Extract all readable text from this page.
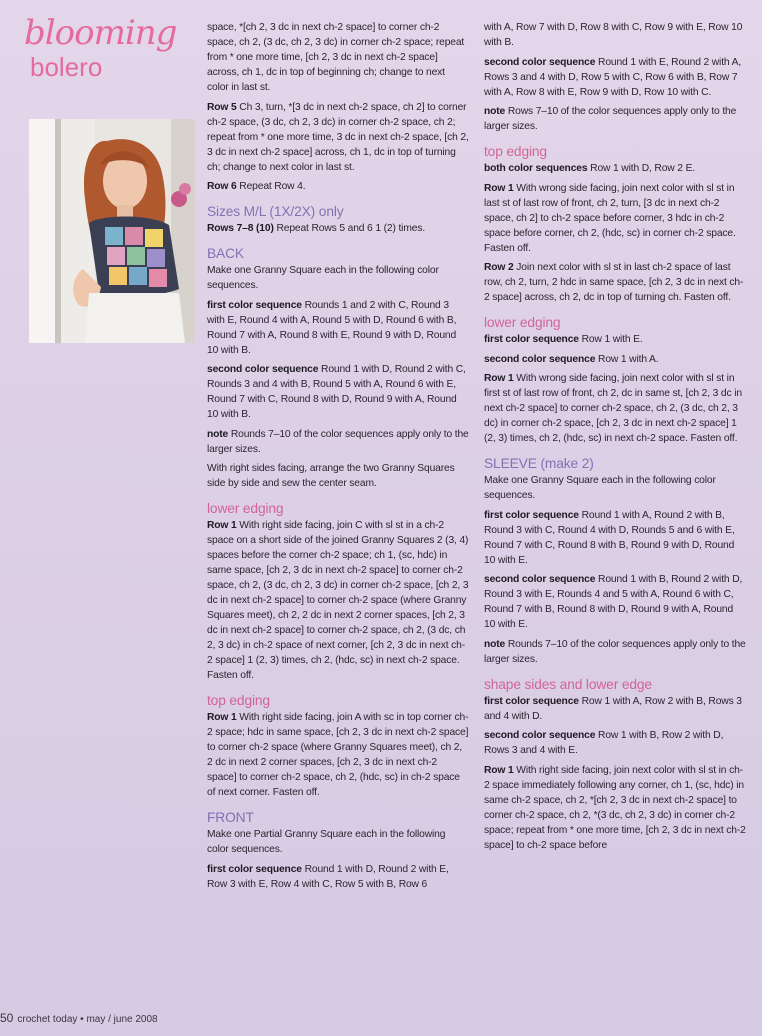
blooming
bolero

space, *[ch 2, 3 dc in next ch-2 space] to corner ch-2 space, ch 2, (3 dc, ch 2, 3 dc) in corner ch-2 space; repeat from * one more time, [ch 2, 3 dc in next ch-2 space] across, ch 1, dc in top of beginning ch; change to next color in last st.

Row 5 Ch 3, turn, *[3 dc in next ch-2 space, ch 2] to corner ch-2 space, (3 dc, ch 2, 3 dc) in corner ch-2 space, ch 2; repeat from * one more time, 3 dc in next ch-2 space, [ch 2, 3 dc in next ch-2 space] across, ch 1, dc in top of turning ch; change to next color in last st.

Row 6 Repeat Row 4.

Sizes M/L (1X/2X) only

Rows 7–8 (10) Repeat Rows 5 and 6 1 (2) times.

BACK

Make one Granny Square each in the following color sequences.

first color sequence Rounds 1 and 2 with C, Round 3 with E, Round 4 with A, Round 5 with D, Round 6 with B, Round 7 with A, Round 8 with E, Round 9 with D, Round 10 with B.

second color sequence Round 1 with D, Round 2 with C, Rounds 3 and 4 with B, Round 5 with A, Round 6 with E, Round 7 with C, Round 8 with D, Round 9 with A, Round 10 with B.

note Rounds 7–10 of the color sequences apply only to the larger sizes.

With right sides facing, arrange the two Granny Squares side by side and sew the center seam.

lower edging

Row 1 With right side facing, join C with sl st in a ch-2 space on a short side of the joined Granny Squares 2 (3, 4) spaces before the corner ch-2 space; ch 1, (sc, hdc) in same space, [ch 2, 3 dc in next ch-2 space] to corner ch-2 space, ch 2, (3 dc, ch 2, 3 dc) in corner ch-2 space, [ch 2, 3 dc in next ch-2 space] to corner ch-2 space (where Granny Squares meet), ch 2, 2 dc in next 2 corner spaces, [ch 2, 3 dc in next ch-2 space] to corner ch-2 space, ch 2, (3 dc, ch 2, 3 dc) in ch-2 space of next corner, [ch 2, 3 dc in next ch-2 space] 1 (2, 3) times, ch 2, (hdc, sc) in next ch-2 space. Fasten off.

top edging

Row 1 With right side facing, join A with sc in top corner ch-2 space; hdc in same space, [ch 2, 3 dc in next ch-2 space] to corner ch-2 space (where Granny Squares meet), ch 2, 2 dc in next 2 corner spaces, [ch 2, 3 dc in next ch-2 space] to corner ch-2 space, ch 2, (hdc, sc) in ch-2 space of next corner. Fasten off.

FRONT

Make one Partial Granny Square each in the following color sequences.

first color sequence Round 1 with D, Round 2 with E, Row 3 with E, Row 4 with C, Row 5 with B, Row 6

with A, Row 7 with D, Row 8 with C, Row 9 with E, Row 10 with B.

second color sequence Round 1 with E, Round 2 with A, Rows 3 and 4 with D, Row 5 with C, Row 6 with B, Row 7 with A, Row 8 with E, Row 9 with D, Row 10 with C.

note Rows 7–10 of the color sequences apply only to the larger sizes.

top edging

both color sequences Row 1 with D, Row 2 E.

Row 1 With wrong side facing, join next color with sl st in last st of last row of front, ch 2, turn, [3 dc in next ch-2 space, ch 2] to ch-2 space before corner, 3 hdc in ch-2 space before corner, ch 2, (hdc, sc) in corner ch-2 space. Fasten off.

Row 2 Join next color with sl st in last ch-2 space of last row, ch 2, turn, 2 hdc in same space, [ch 2, 3 dc in next ch-2 space] across, ch 2, dc in top of turning ch. Fasten off.

lower edging

first color sequence Row 1 with E.

second color sequence Row 1 with A.

Row 1 With wrong side facing, join next color with sl st in first st of last row of front, ch 2, dc in same st, [ch 2, 3 dc in next ch-2 space] to corner ch-2 space, ch 2, (3 dc, ch 2, 3 dc) in corner ch-2 space, [ch 2, 3 dc in next ch-2 space] 1 (2, 3) times, ch 2, (hdc, sc) in next ch-2 space. Fasten off.

SLEEVE (make 2)

Make one Granny Square each in the following color sequences.

first color sequence Round 1 with A, Round 2 with B, Round 3 with C, Round 4 with D, Rounds 5 and 6 with E, Round 7 with C, Round 8 with B, Round 9 with D, Round 10 with E.

second color sequence Round 1 with B, Round 2 with D, Round 3 with E, Rounds 4 and 5 with A, Round 6 with C, Round 7 with B, Round 8 with D, Round 9 with A, Round 10 with E.

note Rounds 7–10 of the color sequences apply only to the larger sizes.

shape sides and lower edge

first color sequence Row 1 with A, Row 2 with B, Rows 3 and 4 with D.

second color sequence Row 1 with B, Row 2 with D, Rows 3 and 4 with E.

Row 1 With right side facing, join next color with sl st in ch-2 space immediately following any corner, ch 1, (sc, hdc) in same ch-2 space, ch 2, *[ch 2, 3 dc in next ch-2 space] to corner ch-2 space, ch 2, *(3 dc, ch 2, 3 dc) in corner ch-2 space; repeat from * one more time, [ch 2, 3 dc in next ch-2 space] to ch-2 space before

50 crochet today • may / june 2008
